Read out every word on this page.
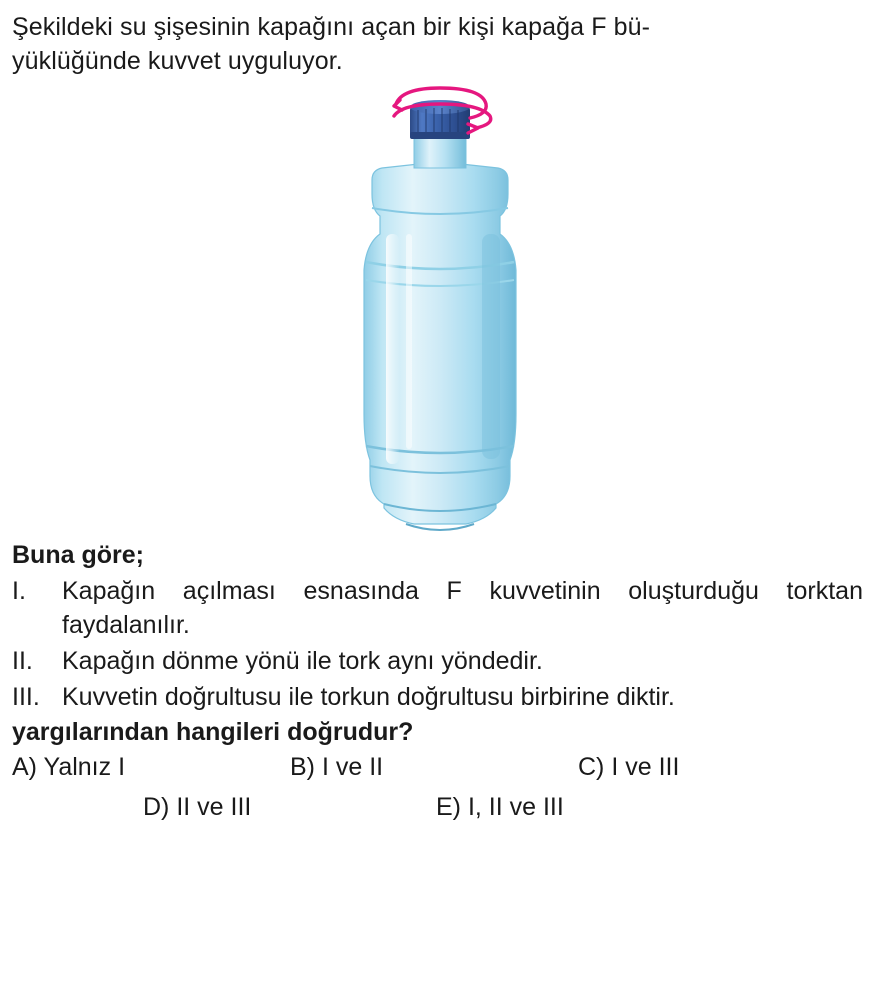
Şekildeki su şişesinin kapağını açan bir kişi kapağa F bü-
yüklüğünde kuvvet uyguluyor.
Buna göre;
I.	Kapağın açılması esnasında F kuvvetinin oluşturduğu torktan faydalanılır.
II.	Kapağın dönme yönü ile tork aynı yöndedir.
III. Kuvvetin doğrultusu ile torkun doğrultusu birbirine diktir.
yargılarından hangileri doğrudur?
A) Yalnız I	B) I ve II	C) I ve III
D) II ve III	E) I, II ve III
